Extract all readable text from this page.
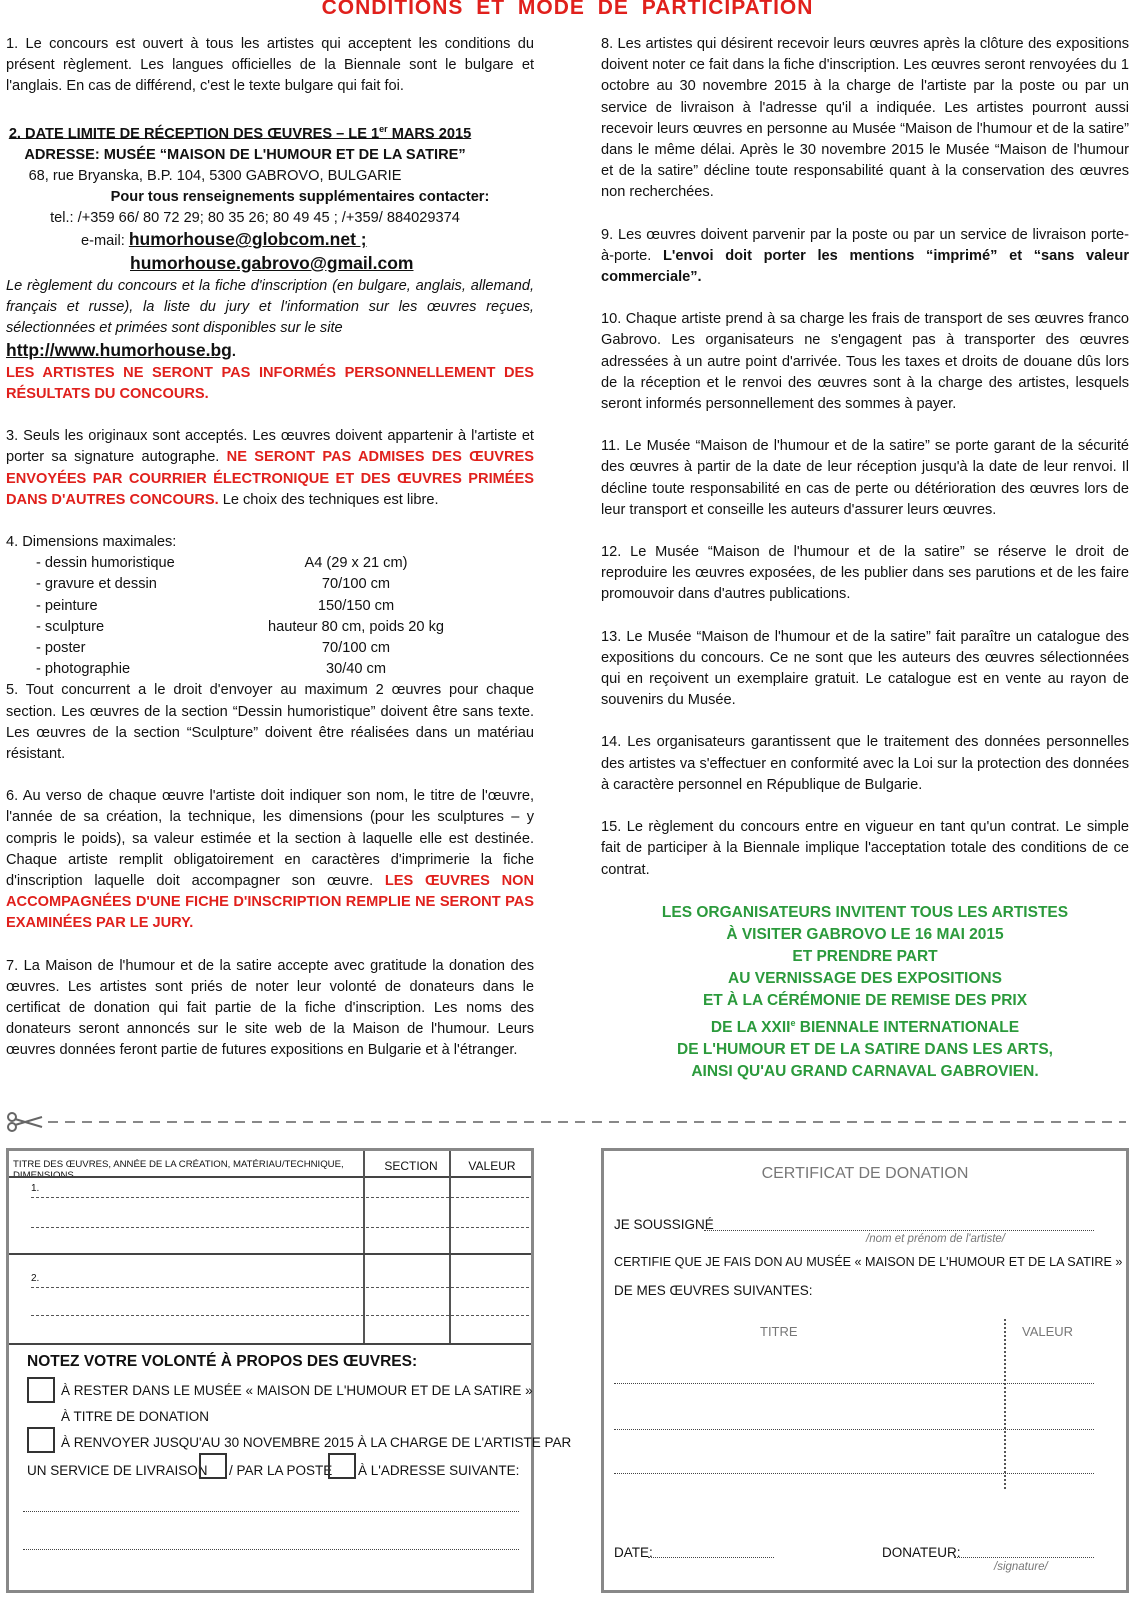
CONDITIONS ET MODE DE PARTICIPATION

1. Le concours est ouvert à tous les artistes qui acceptent les conditions du présent règlement. Les langues officielles de la Biennale sont le bulgare et l'anglais. En cas de différend, c'est le texte bulgare qui fait foi.

2. DATE LIMITE DE RÉCEPTION DES ŒUVRES – LE 1er MARS 2015
ADRESSE: MUSÉE “MAISON DE L'HUMOUR ET DE LA SATIRE”
68, rue Bryanska, B.P. 104, 5300 GABROVO, BULGARIE
Pour tous renseignements supplémentaires contacter:
tel.: /+359 66/ 80 72 29; 80 35 26; 80 49 45 ; /+359/ 884029374
e-mail: humorhouse@globcom.net ;
humorhouse.gabrovo@gmail.com
Le règlement du concours et la fiche d'inscription (en bulgare, anglais, allemand, français et russe), la liste du jury et l'information sur les œuvres reçues, sélectionnées et primées sont disponibles sur le site
http://www.humorhouse.bg.
LES ARTISTES NE SERONT PAS INFORMÉS PERSONNELLEMENT DES RÉSULTATS DU CONCOURS.

3. Seuls les originaux sont acceptés. Les œuvres doivent appartenir à l'artiste et porter sa signature autographe. NE SERONT PAS ADMISES DES ŒUVRES ENVOYÉES PAR COURRIER ÉLECTRONIQUE ET DES ŒUVRES PRIMÉES DANS D'AUTRES CONCOURS. Le choix des techniques est libre.

4. Dimensions maximales:
- dessin humoristique	A4 (29 x 21 cm)
- gravure et dessin	70/100 cm
- peinture	150/150 cm
- sculpture	hauteur 80 cm, poids 20 kg
- poster	70/100 cm
- photographie	30/40 cm

5. Tout concurrent a le droit d'envoyer au maximum 2 œuvres pour chaque section. Les œuvres de la section “Dessin humoristique” doivent être sans texte. Les œuvres de la section “Sculpture” doivent être réalisées dans un matériau résistant.

6. Au verso de chaque œuvre l'artiste doit indiquer son nom, le titre de l'œuvre, l'année de sa création, la technique, les dimensions (pour les sculptures – y compris le poids), sa valeur estimée et la section à laquelle elle est destinée. Chaque artiste remplit obligatoirement en caractères d'imprimerie la fiche d'inscription laquelle doit accompagner son œuvre. LES ŒUVRES NON ACCOMPAGNÉES D'UNE FICHE D'INSCRIPTION REMPLIE NE SERONT PAS EXAMINÉES PAR LE JURY.

7. La Maison de l'humour et de la satire accepte avec gratitude la donation des œuvres. Les artistes sont priés de noter leur volonté de donateurs dans le certificat de donation qui fait partie de la fiche d'inscription. Les noms des donateurs seront annoncés sur le site web de la Maison de l'humour. Leurs œuvres données feront partie de futures expositions en Bulgarie et à l'étranger.

8. Les artistes qui désirent recevoir leurs œuvres après la clôture des expositions doivent noter ce fait dans la fiche d'inscription. Les œuvres seront renvoyées du 1 octobre au 30 novembre 2015 à la charge de l'artiste par la poste ou par un service de livraison à l'adresse qu'il a indiquée. Les artistes pourront aussi recevoir leurs œuvres en personne au Musée “Maison de l'humour et de la satire” dans le même délai. Après le 30 novembre 2015 le Musée “Maison de l'humour et de la satire” décline toute responsabilité quant à la conservation des œuvres non recherchées.

9. Les œuvres doivent parvenir par la poste ou par un service de livraison porte-à-porte. L'envoi doit porter les mentions “imprimé” et “sans valeur commerciale”.

10. Chaque artiste prend à sa charge les frais de transport de ses œuvres franco Gabrovo. Les organisateurs ne s'engagent pas à transporter des œuvres adressées à un autre point d'arrivée. Tous les taxes et droits de douane dûs lors de la réception et le renvoi des œuvres sont à la charge des artistes, lesquels seront informés personnellement des sommes à payer.

11. Le Musée “Maison de l'humour et de la satire” se porte garant de la sécurité des œuvres à partir de la date de leur réception jusqu'à la date de leur renvoi. Il décline toute responsabilité en cas de perte ou détérioration des œuvres lors de leur transport et conseille les auteurs d'assurer leurs œuvres.

12. Le Musée “Maison de l'humour et de la satire” se réserve le droit de reproduire les œuvres exposées, de les publier dans ses parutions et de les faire promouvoir dans d'autres publications.

13. Le Musée “Maison de l'humour et de la satire” fait paraître un catalogue des expositions du concours. Ce ne sont que les auteurs des œuvres sélectionnées qui en reçoivent un exemplaire gratuit. Le catalogue est en vente au rayon de souvenirs du Musée.

14. Les organisateurs garantissent que le traitement des données personnelles des artistes va s'effectuer en conformité avec la Loi sur la protection des données à caractère personnel en République de Bulgarie.

15. Le règlement du concours entre en vigueur en tant qu'un contrat. Le simple fait de participer à la Biennale implique l'acceptation totale des conditions de ce contrat.

LES ORGANISATEURS INVITENT TOUS LES ARTISTES
À VISITER GABROVO LE 16 MAI 2015
ET PRENDRE PART
AU VERNISSAGE DES EXPOSITIONS
ET À LA CÉRÉMONIE DE REMISE DES PRIX
DE LA XXIIe BIENNALE INTERNATIONALE
DE L'HUMOUR ET DE LA SATIRE DANS LES ARTS,
AINSI QU'AU GRAND CARNAVAL GABROVIEN.
TITRE DES ŒUVRES, ANNÉE DE LA CRÉATION, MATÉRIAU/TECHNIQUE, DIMENSIONS
SECTION	VALEUR
1.
2.
NOTEZ VOTRE VOLONTÉ À PROPOS DES ŒUVRES:
À RESTER DANS LE MUSÉE « MAISON DE L'HUMOUR ET DE LA SATIRE »
À TITRE DE DONATION
À RENVOYER JUSQU'AU 30 NOVEMBRE 2015 À LA CHARGE DE L'ARTISTE PAR
UN SERVICE DE LIVRAISON / PAR LA POSTE À L'ADRESSE SUIVANTE:
CERTIFICAT DE DONATION
JE SOUSSIGNÉ
/nom et prénom de l'artiste/
CERTIFIE QUE JE FAIS DON AU MUSÉE « MAISON DE L'HUMOUR ET DE LA SATIRE »
DE MES ŒUVRES SUIVANTES:
TITRE	VALEUR
DATE:	DONATEUR:
/signature/
